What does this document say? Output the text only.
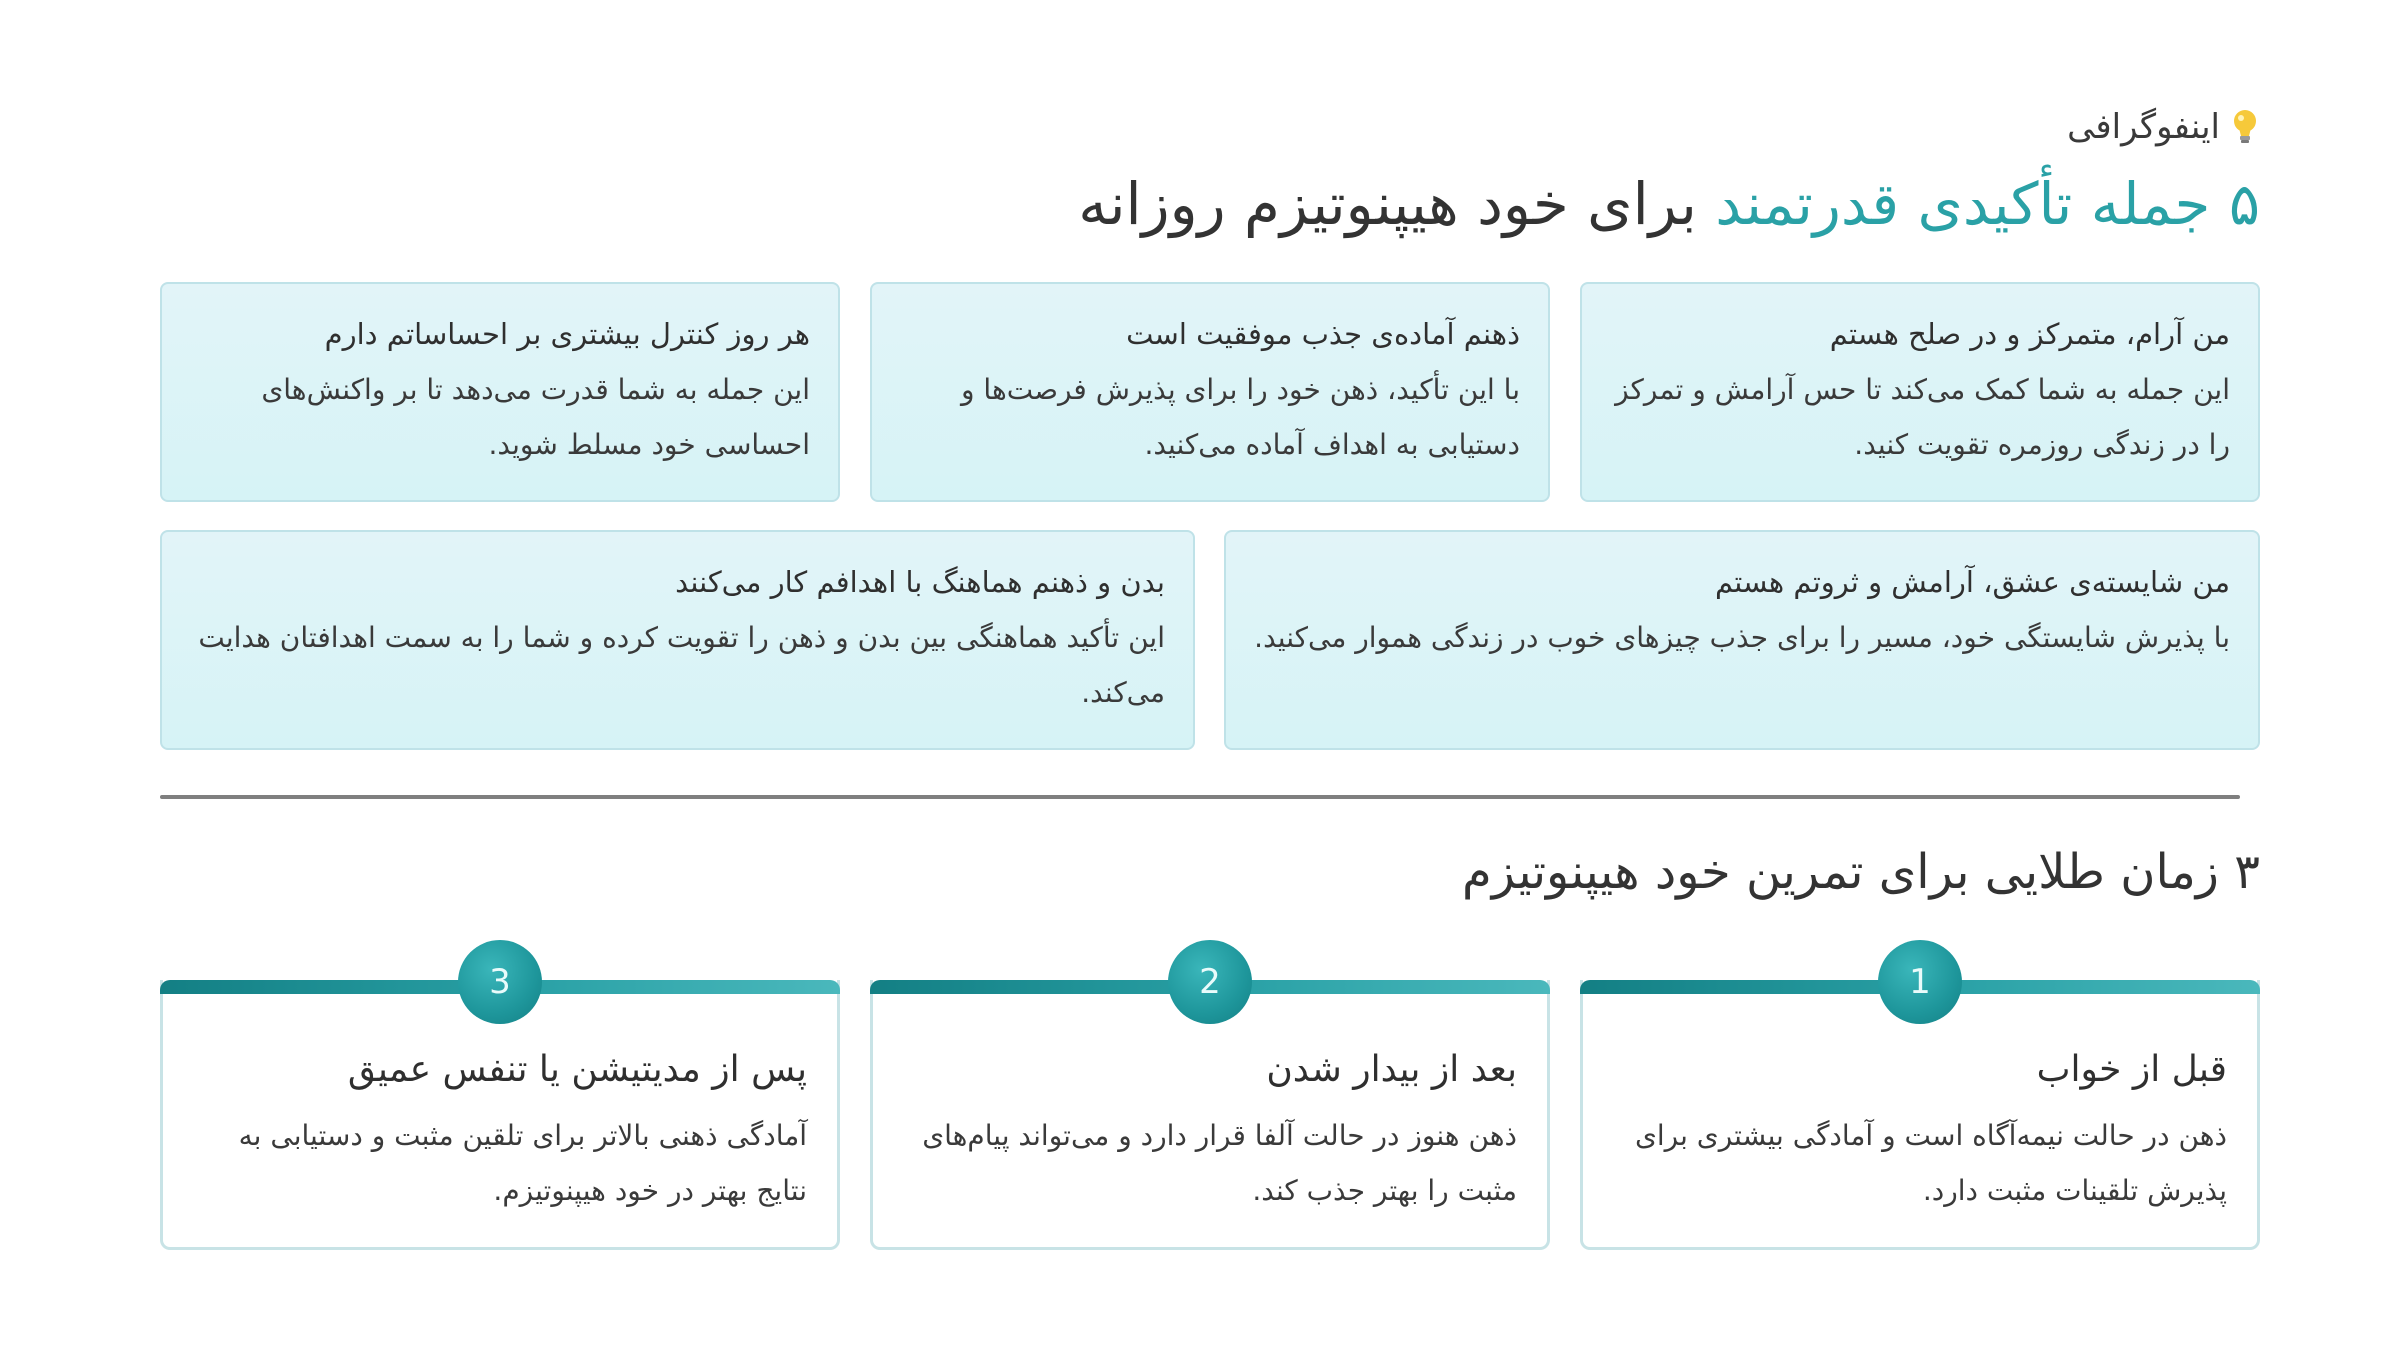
اینفوگرافی
۵ جمله تأکیدی قدرتمند برای خود هیپنوتیزم روزانه
من آرام، متمرکز و در صلح هستم
این جمله به شما کمک می‌کند تا حس آرامش و تمرکز را در زندگی روزمره تقویت کنید.
ذهنم آماده‌ی جذب موفقیت است
با این تأکید، ذهن خود را برای پذیرش فرصت‌ها و دستیابی به اهداف آماده می‌کنید.
هر روز کنترل بیشتری بر احساساتم دارم
این جمله به شما قدرت می‌دهد تا بر واکنش‌های احساسی خود مسلط شوید.
من شایسته‌ی عشق، آرامش و ثروتم هستم
با پذیرش شایستگی خود، مسیر را برای جذب چیزهای خوب در زندگی هموار می‌کنید.
بدن و ذهنم هماهنگ با اهدافم کار می‌کنند
این تأکید هماهنگی بین بدن و ذهن را تقویت کرده و شما را به سمت اهدافتان هدایت می‌کند.
۳ زمان طلایی برای تمرین خود هیپنوتیزم
1
قبل از خواب
ذهن در حالت نیمه‌آگاه است و آمادگی بیشتری برای پذیرش تلقینات مثبت دارد.
2
بعد از بیدار شدن
ذهن هنوز در حالت آلفا قرار دارد و می‌تواند پیام‌های مثبت را بهتر جذب کند.
3
پس از مدیتیشن یا تنفس عمیق
آمادگی ذهنی بالاتر برای تلقین مثبت و دستیابی به نتایج بهتر در خود هیپنوتیزم.
